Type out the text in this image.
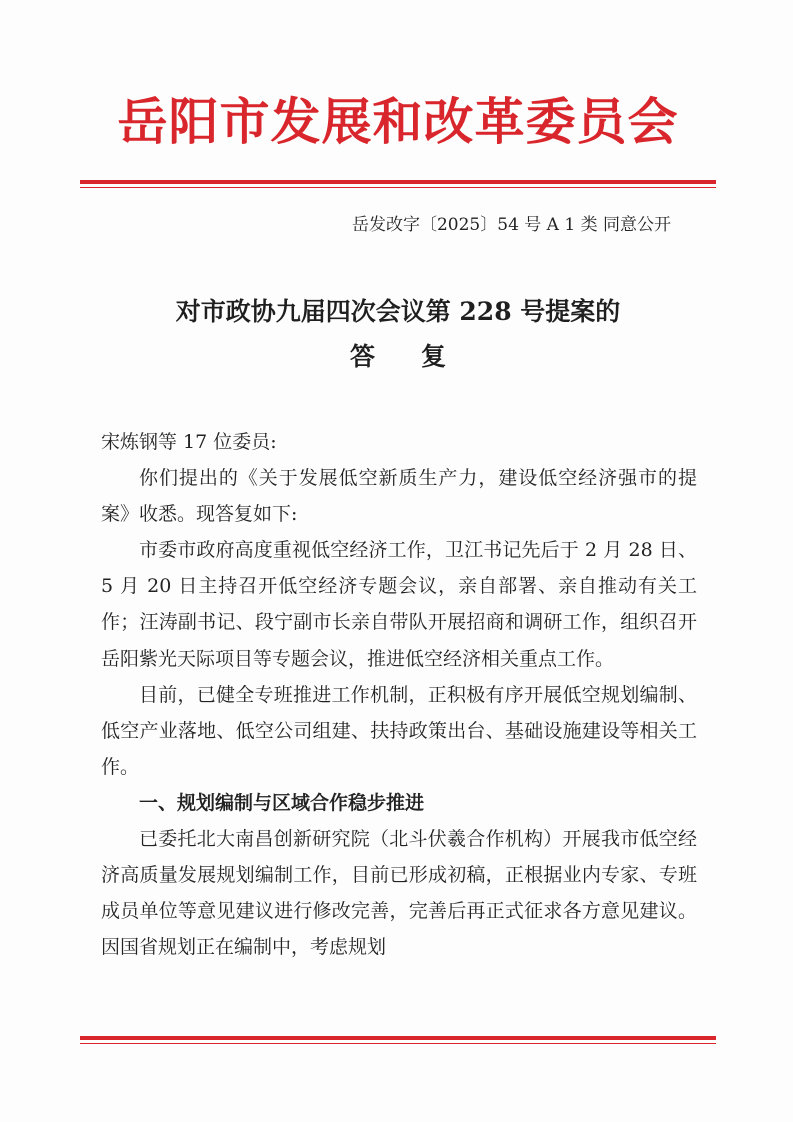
岳阳市发展和改革委员会
岳发改字〔2025〕54 号 A 1 类 同意公开
对市政协九届四次会议第 228 号提案的
答复

宋炼钢等 17 位委员:

你们提出的《关于发展低空新质生产力，建设低空经济强市的提案》收悉。现答复如下:

市委市政府高度重视低空经济工作，卫江书记先后于 2 月 28 日、5 月 20 日主持召开低空经济专题会议，亲自部署、亲自推动有关工作；汪涛副书记、段宁副市长亲自带队开展招商和调研工作，组织召开岳阳紫光天际项目等专题会议，推进低空经济相关重点工作。

目前，已健全专班推进工作机制，正积极有序开展低空规划编制、低空产业落地、低空公司组建、扶持政策出台、基础设施建设等相关工作。

一、规划编制与区域合作稳步推进

已委托北大南昌创新研究院（北斗伏羲合作机构）开展我市低空经济高质量发展规划编制工作，目前已形成初稿，正根据业内专家、专班成员单位等意见建议进行修改完善，完善后再正式征求各方意见建议。因国省规划正在编制中，考虑规划
